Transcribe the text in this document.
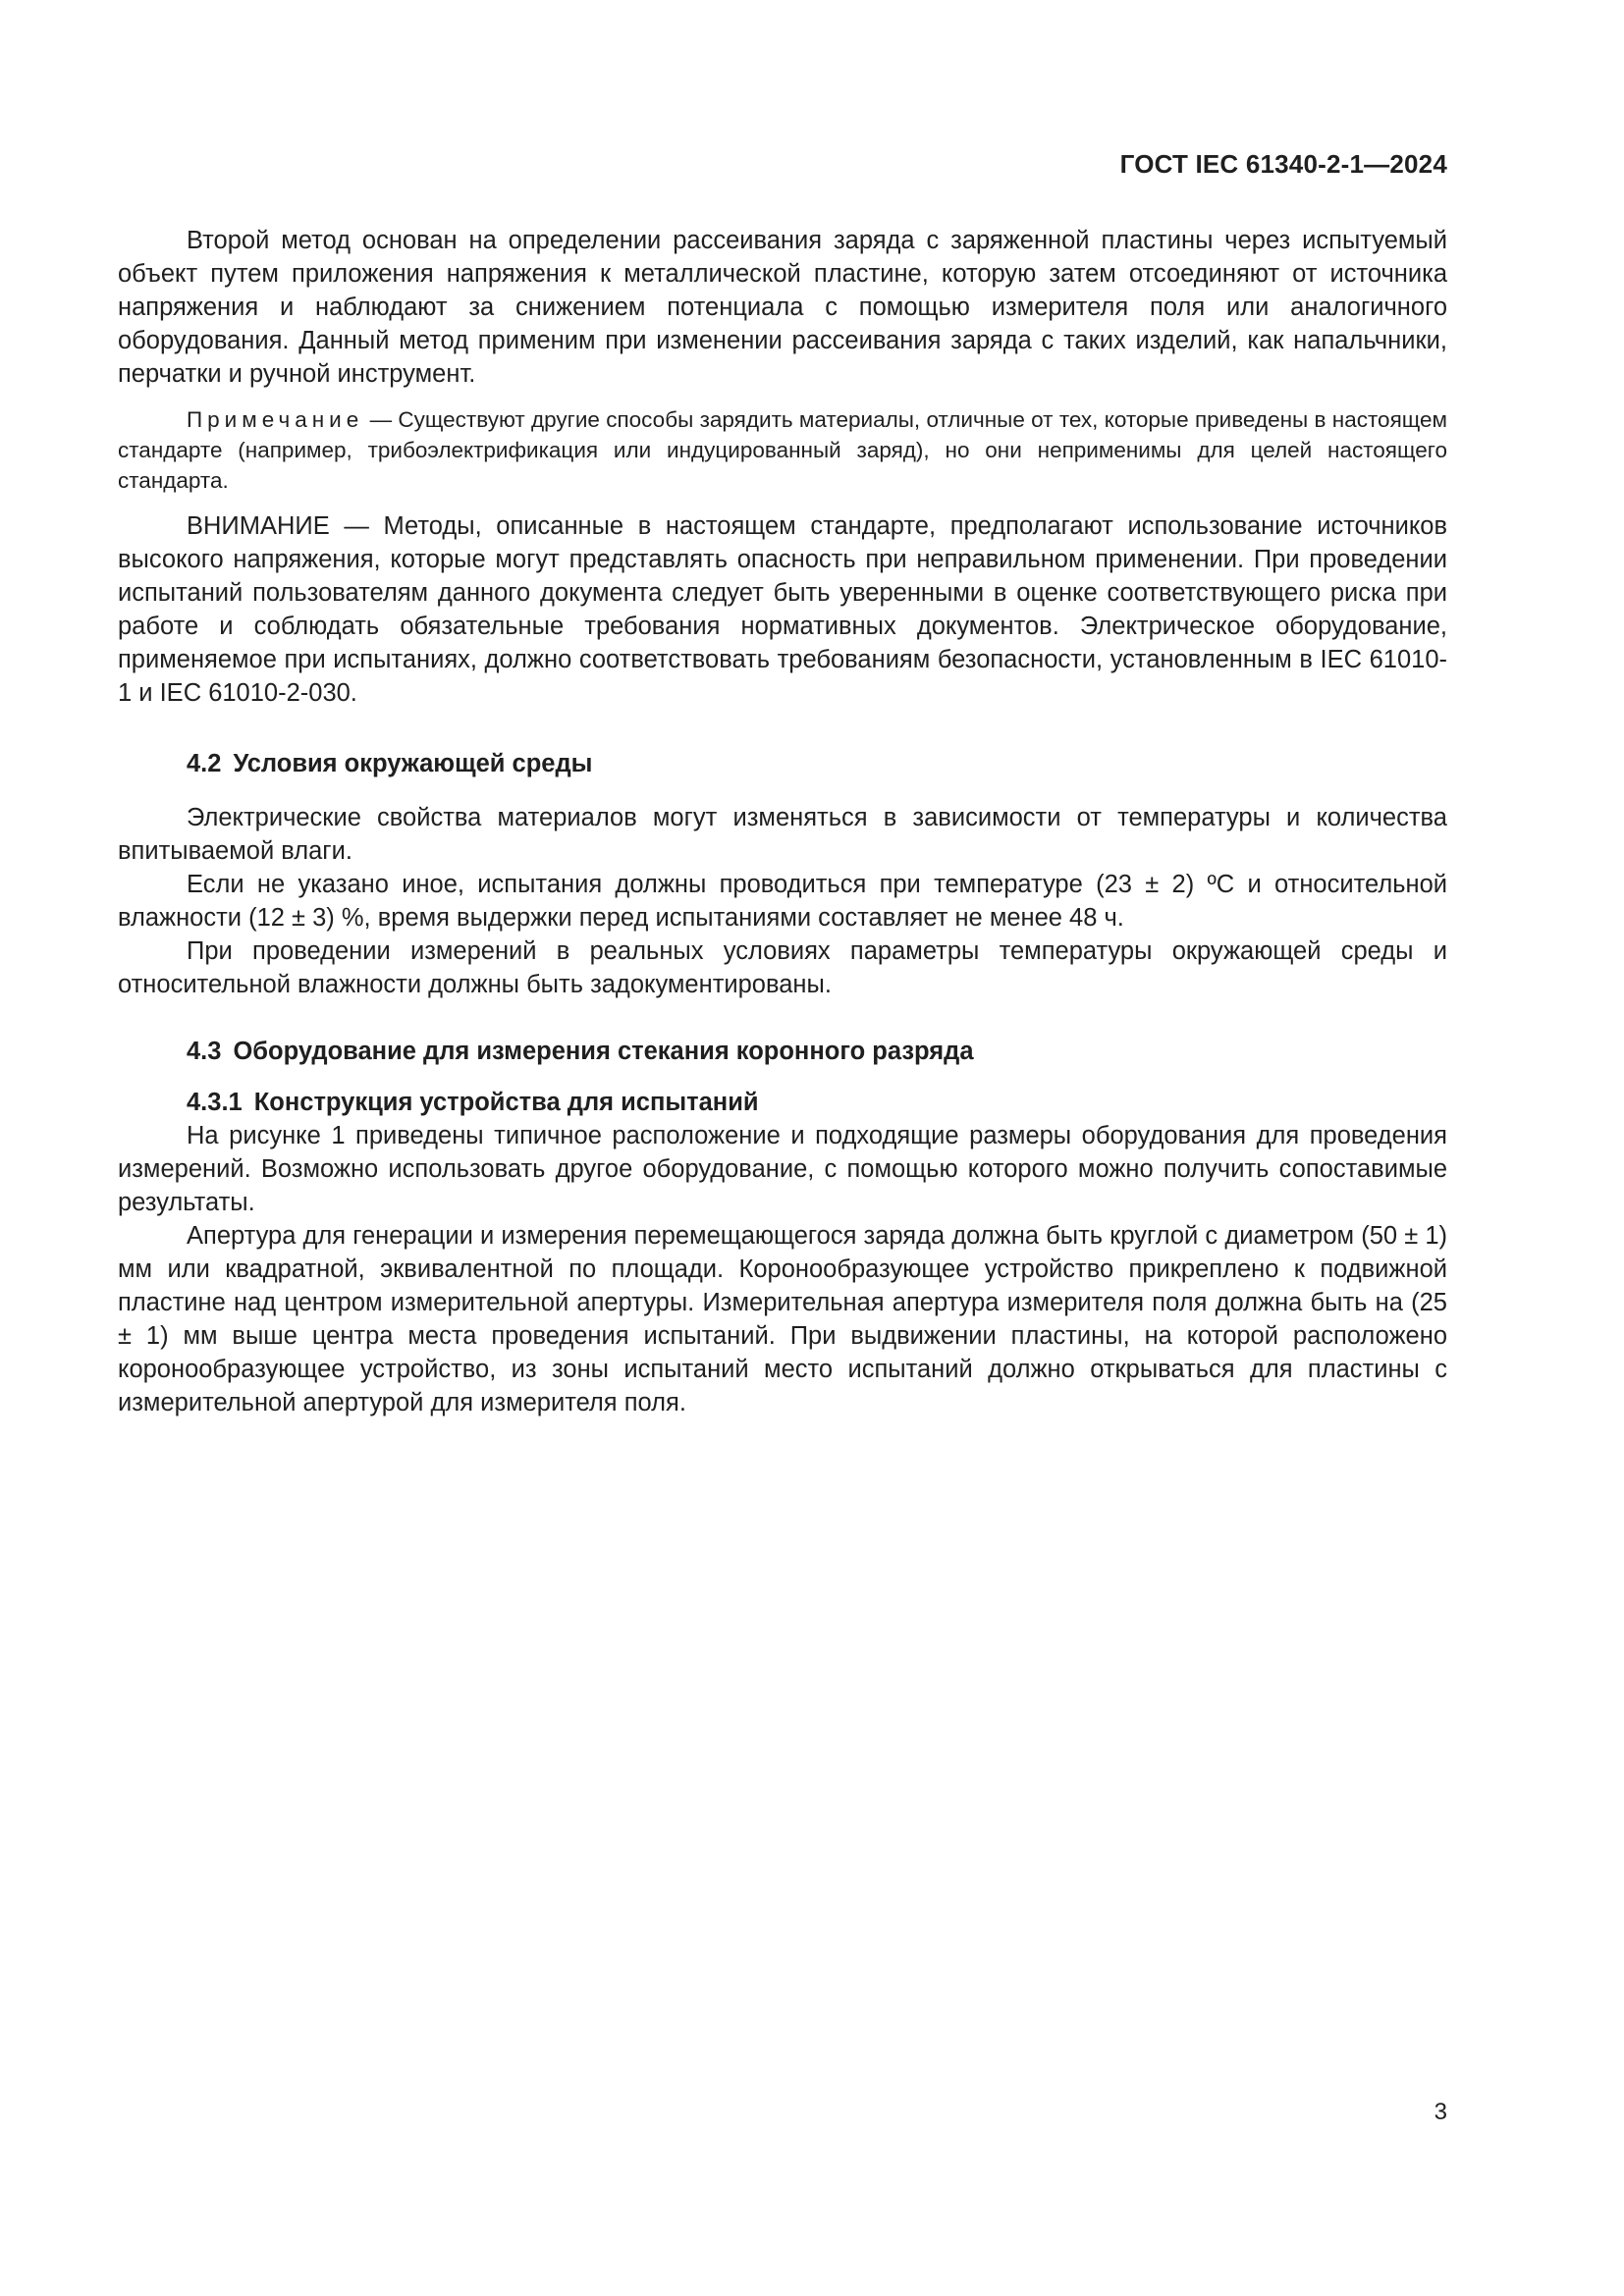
ГОСТ IEC 61340-2-1—2024

Второй метод основан на определении рассеивания заряда с заряженной пластины через испытуемый объект путем приложения напряжения к металлической пластине, которую затем отсоединяют от источника напряжения и наблюдают за снижением потенциала с помощью измерителя поля или аналогичного оборудования. Данный метод применим при изменении рассеивания заряда с таких изделий, как напальчники, перчатки и ручной инструмент.

Примечание — Существуют другие способы зарядить материалы, отличные от тех, которые приведены в настоящем стандарте (например, трибоэлектрификация или индуцированный заряд), но они неприменимы для целей настоящего стандарта.

ВНИМАНИЕ — Методы, описанные в настоящем стандарте, предполагают использование источников высокого напряжения, которые могут представлять опасность при неправильном применении. При проведении испытаний пользователям данного документа следует быть уверенными в оценке соответствующего риска при работе и соблюдать обязательные требования нормативных документов. Электрическое оборудование, применяемое при испытаниях, должно соответствовать требованиям безопасности, установленным в IEC 61010-1 и IEC 61010-2-030.

4.2 Условия окружающей среды

Электрические свойства материалов могут изменяться в зависимости от температуры и количества впитываемой влаги.

Если не указано иное, испытания должны проводиться при температуре (23 ± 2) ºС и относительной влажности (12 ± 3) %, время выдержки перед испытаниями составляет не менее 48 ч.

При проведении измерений в реальных условиях параметры температуры окружающей среды и относительной влажности должны быть задокументированы.

4.3 Оборудование для измерения стекания коронного разряда

4.3.1 Конструкция устройства для испытаний

На рисунке 1 приведены типичное расположение и подходящие размеры оборудования для проведения измерений. Возможно использовать другое оборудование, с помощью которого можно получить сопоставимые результаты.

Апертура для генерации и измерения перемещающегося заряда должна быть круглой с диаметром (50 ± 1) мм или квадратной, эквивалентной по площади. Коронообразующее устройство прикреплено к подвижной пластине над центром измерительной апертуры. Измерительная апертура измерителя поля должна быть на (25 ± 1) мм выше центра места проведения испытаний. При выдвижении пластины, на которой расположено коронообразующее устройство, из зоны испытаний место испытаний должно открываться для пластины с измерительной апертурой для измерителя поля.

3
